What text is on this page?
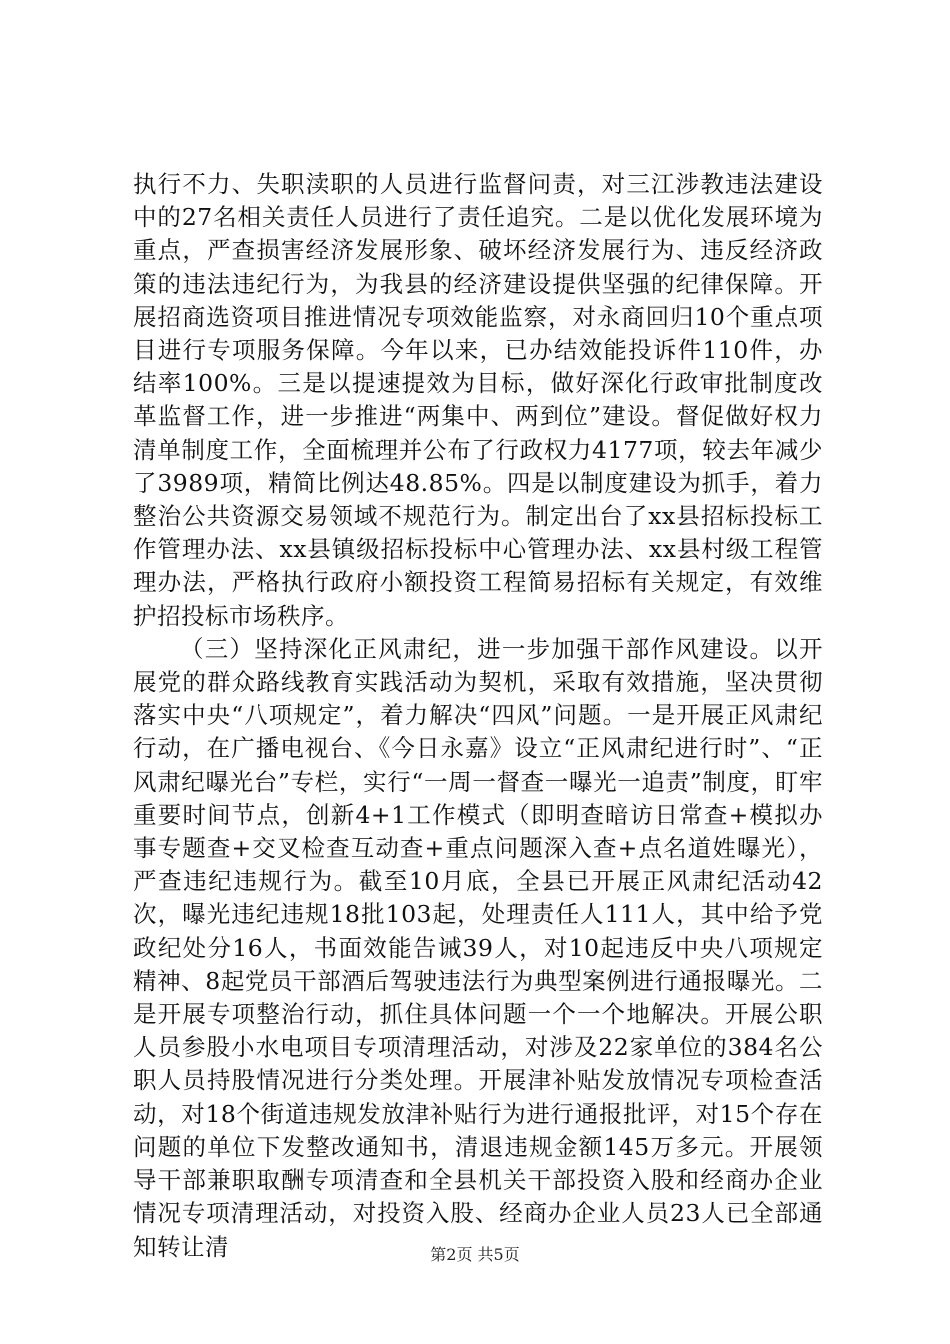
执行不力、失职渎职的人员进行监督问责，对三江涉教违法建设中的27名相关责任人员进行了责任追究。二是以优化发展环境为重点，严查损害经济发展形象、破坏经济发展行为、违反经济政策的违法违纪行为，为我县的经济建设提供坚强的纪律保障。开展招商选资项目推进情况专项效能监察，对永商回归10个重点项目进行专项服务保障。今年以来，已办结效能投诉件110件，办结率100%。三是以提速提效为目标，做好深化行政审批制度改革监督工作，进一步推进“两集中、两到位”建设。督促做好权力清单制度工作，全面梳理并公布了行政权力4177项，较去年减少了3989项，精简比例达48.85%。四是以制度建设为抓手，着力整治公共资源交易领域不规范行为。制定出台了xx县招标投标工作管理办法、xx县镇级招标投标中心管理办法、xx县村级工程管理办法，严格执行政府小额投资工程简易招标有关规定，有效维护招投标市场秩序。

（三）坚持深化正风肃纪，进一步加强干部作风建设。以开展党的群众路线教育实践活动为契机，采取有效措施，坚决贯彻落实中央“八项规定”，着力解决“四风”问题。一是开展正风肃纪行动，在广播电视台、《今日永嘉》设立“正风肃纪进行时”、“正风肃纪曝光台”专栏，实行“一周一督查一曝光一追责”制度，盯牢重要时间节点，创新4+1工作模式（即明查暗访日常查+模拟办事专题查+交叉检查互动查+重点问题深入查+点名道姓曝光），严查违纪违规行为。截至10月底，全县已开展正风肃纪活动42次，曝光违纪违规18批103起，处理责任人111人，其中给予党政纪处分16人，书面效能告诫39人，对10起违反中央八项规定精神、8起党员干部酒后驾驶违法行为典型案例进行通报曝光。二是开展专项整治行动，抓住具体问题一个一个地解决。开展公职人员参股小水电项目专项清理活动，对涉及22家单位的384名公职人员持股情况进行分类处理。开展津补贴发放情况专项检查活动，对18个街道违规发放津补贴行为进行通报批评，对15个存在问题的单位下发整改通知书，清退违规金额145万多元。开展领导干部兼职取酬专项清查和全县机关干部投资入股和经商办企业情况专项清理活动，对投资入股、经商办企业人员23人已全部通知转让清	第2页 共5页
